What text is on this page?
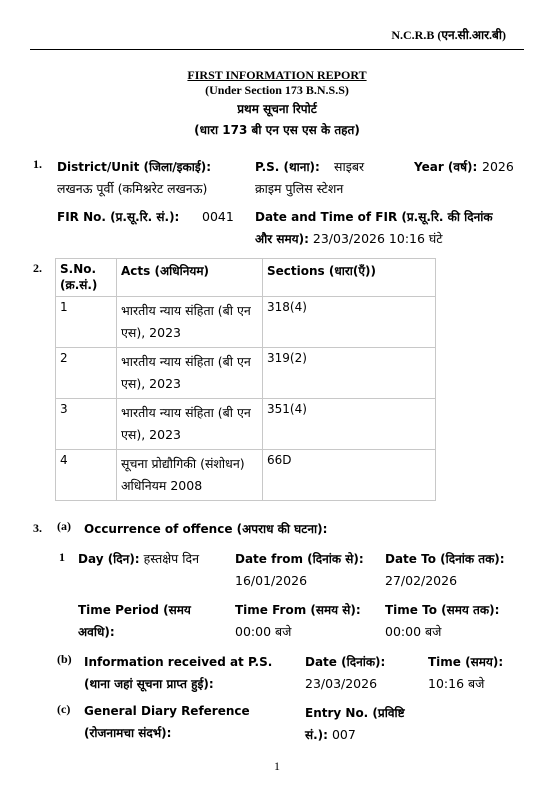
N.C.R.B (एन.सी.आर.बी)
FIRST INFORMATION REPORT
(Under Section 173 B.N.S.S)
प्रथम सूचना रिपोर्ट
(धारा 173 बी एन एस एस के तहत)
1. District/Unit (जिला/इकाई):
लखनऊ पूर्वी (कमिश्नरेट लखनऊ)
P.S. (थाना):	साइबर क्राइम पुलिस स्टेशन
Year (वर्ष): 2026
FIR No. (प्र.सू.रि. सं.): 0041 Date and Time of FIR (प्र.सू.रि. की दिनांक और समय): 23/03/2026 10:16 घंटे
2. S.No. (क्र.सं.)	Acts (अधिनियम)	Sections (धारा(एँ))
1	भारतीय न्याय संहिता (बी एन एस), 2023	318(4)
2	भारतीय न्याय संहिता (बी एन एस), 2023	319(2)
3	भारतीय न्याय संहिता (बी एन एस), 2023	351(4)
4	सूचना प्रोद्यौगिकी (संशोधन) अधिनियम 2008	66D
3. (a) Occurrence of offence (अपराध की घटना):
1 Day (दिन): हस्तक्षेप दिन	Date from (दिनांक से):
16/01/2026
Date To (दिनांक तक): 27/02/2026
Time Period (समय अवधि):
Time From (समय से):
00:00 बजे
Time To (समय तक): 00:00 बजे
(b) Information received at P.S. (थाना जहां सूचना प्राप्त हुई):
Date (दिनांक):
23/03/2026
Time (समय):
10:16 बजे
(c) General Diary Reference (रोजनामचा संदर्भ):
Entry No. (प्रविष्टि सं.): 007
1
